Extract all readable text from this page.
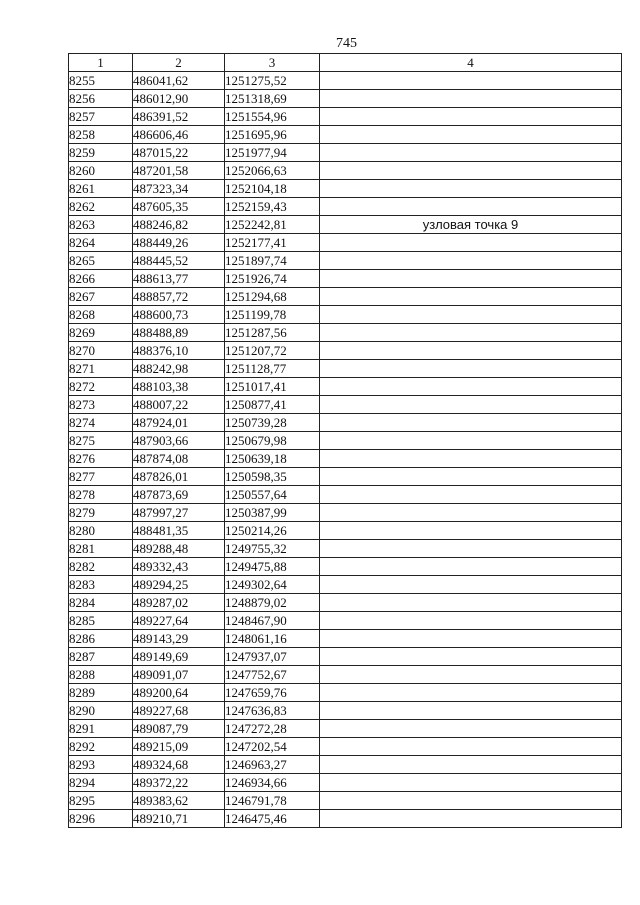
745
1	2	3	4
8255	486041,62	1251275,52	
8256	486012,90	1251318,69	
8257	486391,52	1251554,96	
8258	486606,46	1251695,96	
8259	487015,22	1251977,94	
8260	487201,58	1252066,63	
8261	487323,34	1252104,18	
8262	487605,35	1252159,43	
8263	488246,82	1252242,81	узловая точка 9
8264	488449,26	1252177,41	
8265	488445,52	1251897,74	
8266	488613,77	1251926,74	
8267	488857,72	1251294,68	
8268	488600,73	1251199,78	
8269	488488,89	1251287,56	
8270	488376,10	1251207,72	
8271	488242,98	1251128,77	
8272	488103,38	1251017,41	
8273	488007,22	1250877,41	
8274	487924,01	1250739,28	
8275	487903,66	1250679,98	
8276	487874,08	1250639,18	
8277	487826,01	1250598,35	
8278	487873,69	1250557,64	
8279	487997,27	1250387,99	
8280	488481,35	1250214,26	
8281	489288,48	1249755,32	
8282	489332,43	1249475,88	
8283	489294,25	1249302,64	
8284	489287,02	1248879,02	
8285	489227,64	1248467,90	
8286	489143,29	1248061,16	
8287	489149,69	1247937,07	
8288	489091,07	1247752,67	
8289	489200,64	1247659,76	
8290	489227,68	1247636,83	
8291	489087,79	1247272,28	
8292	489215,09	1247202,54	
8293	489324,68	1246963,27	
8294	489372,22	1246934,66	
8295	489383,62	1246791,78	
8296	489210,71	1246475,46	
